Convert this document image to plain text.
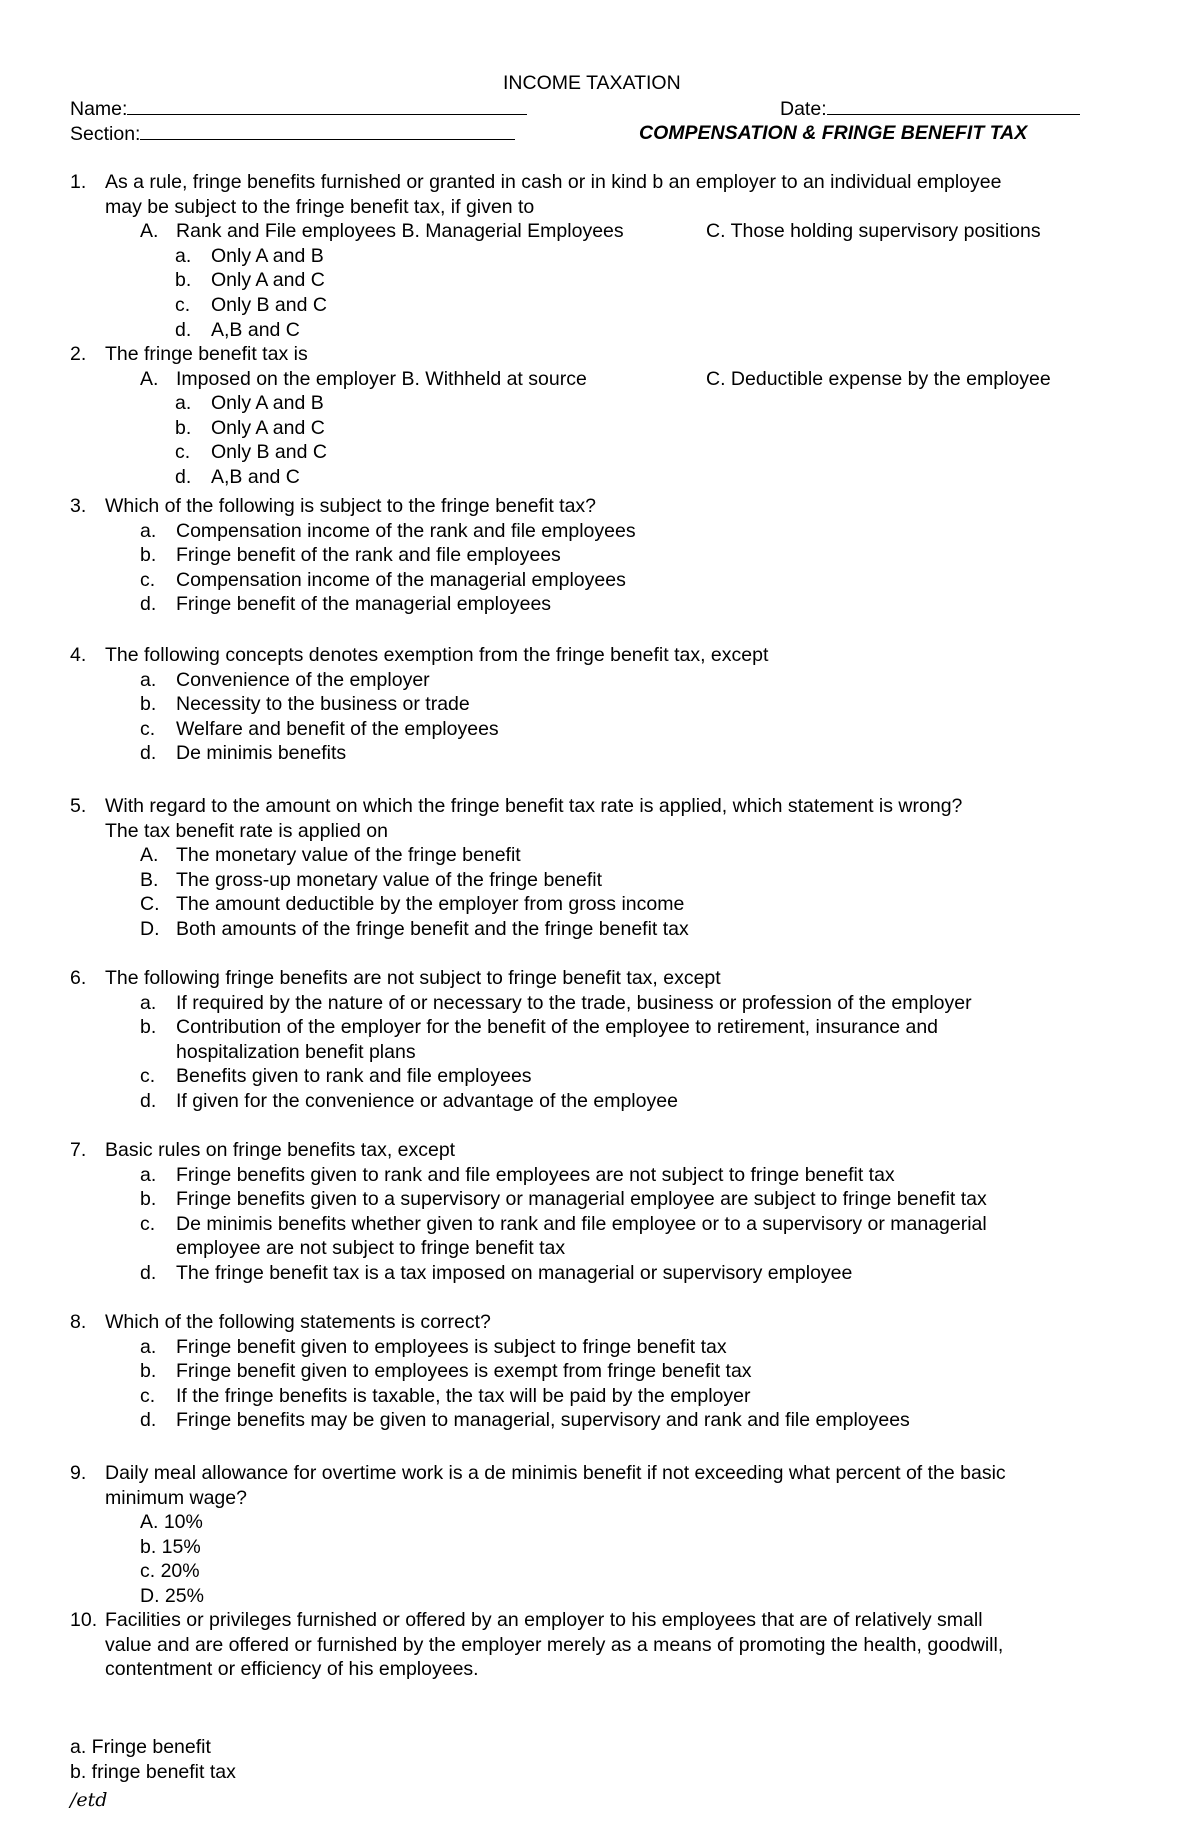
INCOME TAXATION
Name:	Date:
Section:	COMPENSATION & FRINGE BENEFIT TAX
1. As a rule, fringe benefits furnished or granted in cash or in kind b an employer to an individual employee
may be subject to the fringe benefit tax, if given to
A. Rank and File employees B. Managerial Employees	C. Those holding supervisory positions
a. Only A and B
b. Only A and C
c. Only B and C
d. A,B and C
2. The fringe benefit tax is
A. Imposed on the employer B. Withheld at source	C. Deductible expense by the employee
a. Only A and B
b. Only A and C
c. Only B and C
d. A,B and C
3. Which of the following is subject to the fringe benefit tax?
a. Compensation income of the rank and file employees
b. Fringe benefit of the rank and file employees
c. Compensation income of the managerial employees
d. Fringe benefit of the managerial employees
4. The following concepts denotes exemption from the fringe benefit tax, except
a. Convenience of the employer
b. Necessity to the business or trade
c. Welfare and benefit of the employees
d. De minimis benefits
5. With regard to the amount on which the fringe benefit tax rate is applied, which statement is wrong?
The tax benefit rate is applied on
A. The monetary value of the fringe benefit
B. The gross-up monetary value of the fringe benefit
C. The amount deductible by the employer from gross income
D. Both amounts of the fringe benefit and the fringe benefit tax
6. The following fringe benefits are not subject to fringe benefit tax, except
a. If required by the nature of or necessary to the trade, business or profession of the employer
b. Contribution of the employer for the benefit of the employee to retirement, insurance and
hospitalization benefit plans
c. Benefits given to rank and file employees
d. If given for the convenience or advantage of the employee
7. Basic rules on fringe benefits tax, except
a. Fringe benefits given to rank and file employees are not subject to fringe benefit tax
b. Fringe benefits given to a supervisory or managerial employee are subject to fringe benefit tax
c. De minimis benefits whether given to rank and file employee or to a supervisory or managerial
employee are not subject to fringe benefit tax
d. The fringe benefit tax is a tax imposed on managerial or supervisory employee
8. Which of the following statements is correct?
a. Fringe benefit given to employees is subject to fringe benefit tax
b. Fringe benefit given to employees is exempt from fringe benefit tax
c. If the fringe benefits is taxable, the tax will be paid by the employer
d. Fringe benefits may be given to managerial, supervisory and rank and file employees
9. Daily meal allowance for overtime work is a de minimis benefit if not exceeding what percent of the basic
minimum wage?
A. 10%
b. 15%
c. 20%
D. 25%
10. Facilities or privileges furnished or offered by an employer to his employees that are of relatively small
value and are offered or furnished by the employer merely as a means of promoting the health, goodwill,
contentment or efficiency of his employees.
a. Fringe benefit
b. fringe benefit tax
/etd
